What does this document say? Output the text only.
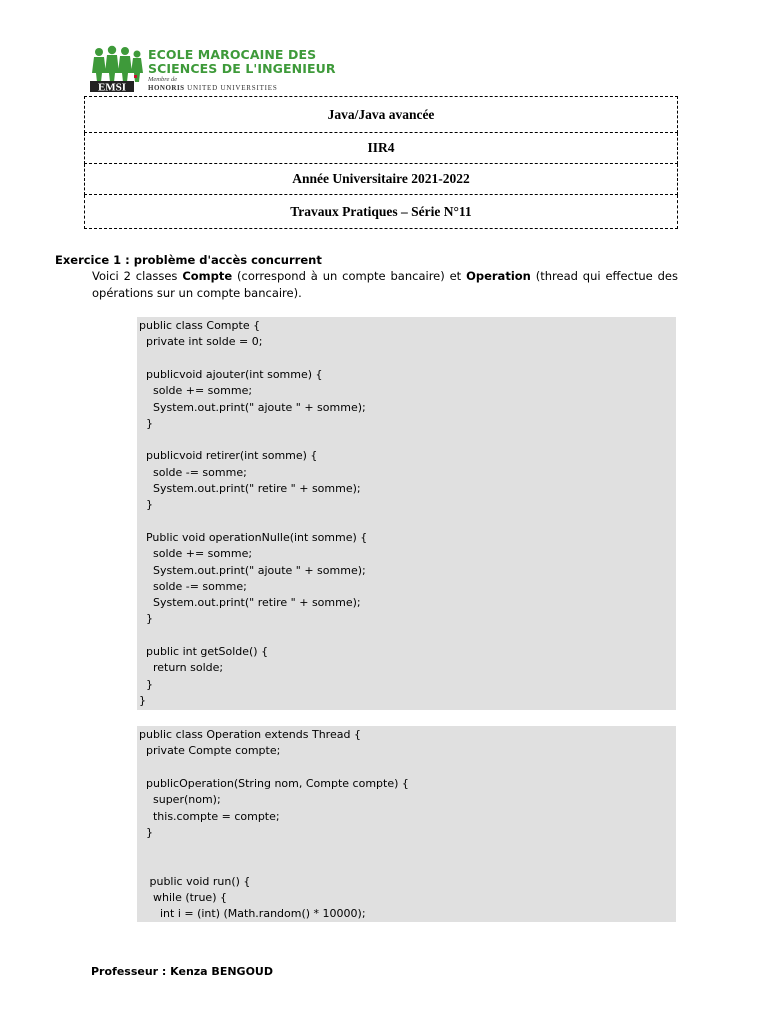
EMSI
ECOLE MAROCAINE DES
SCIENCES DE L'INGENIEUR
Membre de
HONORIS UNITED UNIVERSITIES
Java/Java avancée
IIR4
Année Universitaire 2021-2022
Travaux Pratiques – Série N°11
Exercice 1 : problème d'accès concurrent
Voici 2 classes Compte (correspond à un compte bancaire) et Operation (thread qui effectue des opérations sur un compte bancaire).
public class Compte {
private int solde = 0;
publicvoid ajouter(int somme) {
solde += somme;
System.out.print(" ajoute " + somme);
}
publicvoid retirer(int somme) {
solde -= somme;
System.out.print(" retire " + somme);
}
Public void operationNulle(int somme) {
solde += somme;
System.out.print(" ajoute " + somme);
solde -= somme;
System.out.print(" retire " + somme);
}
public int getSolde() {
return solde;
}
}
public class Operation extends Thread {
private Compte compte;
publicOperation(String nom, Compte compte) {
super(nom);
this.compte = compte;
}
public void run() {
while (true) {
int i = (int) (Math.random() * 10000);
Professeur : Kenza BENGOUD
